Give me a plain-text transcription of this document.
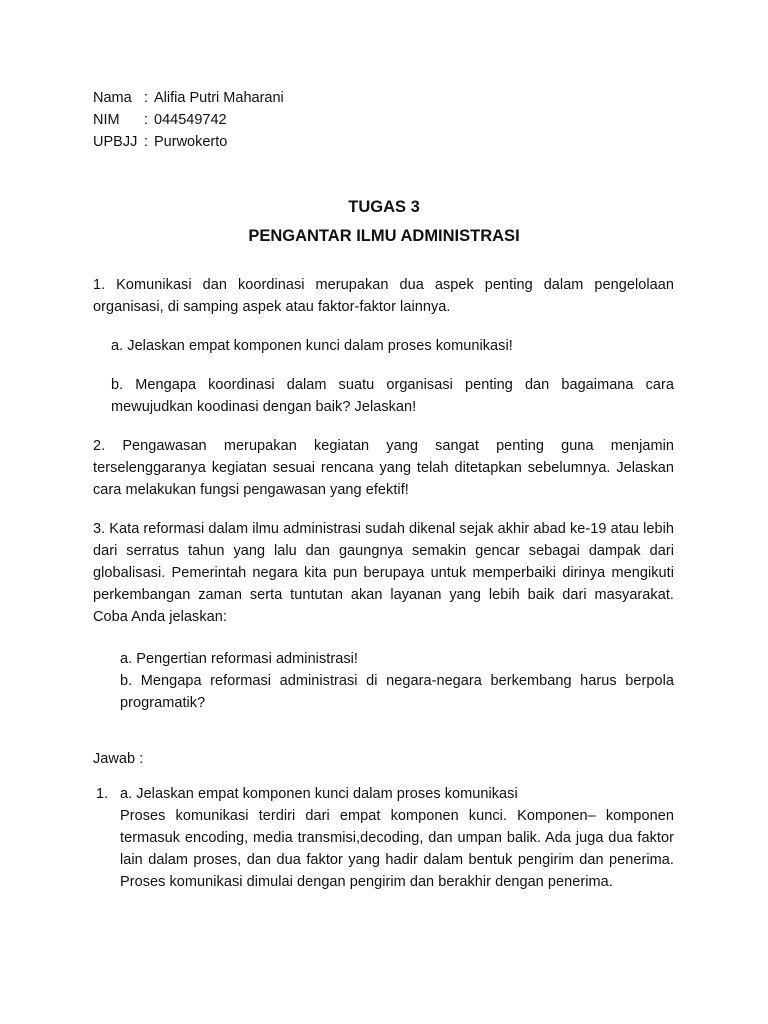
Nama : Alifia Putri Maharani
NIM	: 044549742
UPBJJ : Purwokerto
TUGAS 3
PENGANTAR ILMU ADMINISTRASI
1. Komunikasi dan koordinasi merupakan dua aspek penting dalam pengelolaan organisasi, di samping aspek atau faktor-faktor lainnya.
a. Jelaskan empat komponen kunci dalam proses komunikasi!
b. Mengapa koordinasi dalam suatu organisasi penting dan bagaimana cara mewujudkan koodinasi dengan baik? Jelaskan!
2. Pengawasan merupakan kegiatan yang sangat penting guna menjamin terselenggaranya kegiatan sesuai rencana yang telah ditetapkan sebelumnya. Jelaskan cara melakukan fungsi pengawasan yang efektif!
3. Kata reformasi dalam ilmu administrasi sudah dikenal sejak akhir abad ke-19 atau lebih dari serratus tahun yang lalu dan gaungnya semakin gencar sebagai dampak dari globalisasi. Pemerintah negara kita pun berupaya untuk memperbaiki dirinya mengikuti perkembangan zaman serta tuntutan akan layanan yang lebih baik dari masyarakat. Coba Anda jelaskan:
a. Pengertian reformasi administrasi!
b. Mengapa reformasi administrasi di negara-negara berkembang harus berpola programatik?
Jawab :
1. a. Jelaskan empat komponen kunci dalam proses komunikasi
Proses komunikasi terdiri dari empat komponen kunci. Komponen– komponen termasuk encoding, media transmisi,decoding, dan umpan balik. Ada juga dua faktor lain dalam proses, dan dua faktor yang hadir dalam bentuk pengirim dan penerima. Proses komunikasi dimulai dengan pengirim dan berakhir dengan penerima.
